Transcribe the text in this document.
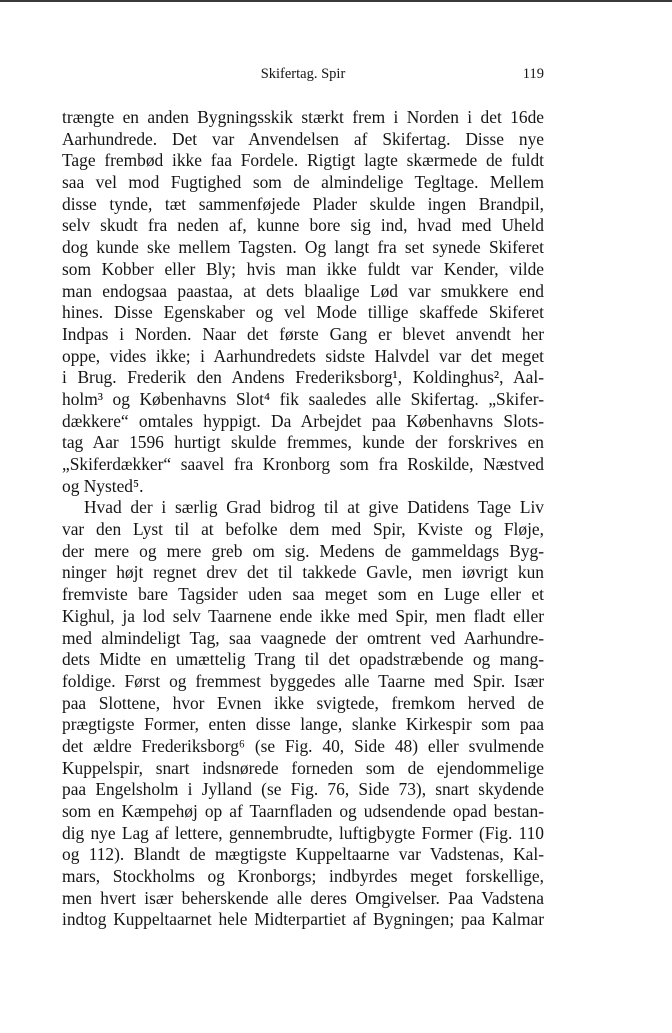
Skifertag. Spir	119
trængte en anden Bygningsskik stærkt frem i Norden i det 16de
Aarhundrede. Det var Anvendelsen af Skifertag. Disse nye
Tage frembød ikke faa Fordele. Rigtigt lagte skærmede de fuldt
saa vel mod Fugtighed som de almindelige Tegltage. Mellem
disse tynde, tæt sammenføjede Plader skulde ingen Brandpil,
selv skudt fra neden af, kunne bore sig ind, hvad med Uheld
dog kunde ske mellem Tagsten. Og langt fra set synede Skiferet
som Kobber eller Bly; hvis man ikke fuldt var Kender, vilde
man endogsaa paastaa, at dets blaalige Lød var smukkere end
hines. Disse Egenskaber og vel Mode tillige skaffede Skiferet
Indpas i Norden. Naar det første Gang er blevet anvendt her
oppe, vides ikke; i Aarhundredets sidste Halvdel var det meget
i Brug. Frederik den Andens Frederiksborg¹, Koldinghus², Aal-
holm³ og Københavns Slot⁴ fik saaledes alle Skifertag. „Skifer-
dækkere“ omtales hyppigt. Da Arbejdet paa Københavns Slots-
tag Aar 1596 hurtigt skulde fremmes, kunde der forskrives en
„Skiferdækker“ saavel fra Kronborg som fra Roskilde, Næstved
og Nysted⁵.
Hvad der i særlig Grad bidrog til at give Datidens Tage Liv
var den Lyst til at befolke dem med Spir, Kviste og Fløje,
der mere og mere greb om sig. Medens de gammeldags Byg-
ninger højt regnet drev det til takkede Gavle, men iøvrigt kun
fremviste bare Tagsider uden saa meget som en Luge eller et
Kighul, ja lod selv Taarnene ende ikke med Spir, men fladt eller
med almindeligt Tag, saa vaagnede der omtrent ved Aarhundre-
dets Midte en umættelig Trang til det opadstræbende og mang-
foldige. Først og fremmest byggedes alle Taarne med Spir. Især
paa Slottene, hvor Evnen ikke svigtede, fremkom herved de
prægtigste Former, enten disse lange, slanke Kirkespir som paa
det ældre Frederiksborg⁶ (se Fig. 40, Side 48) eller svulmende
Kuppelspir, snart indsnørede forneden som de ejendommelige
paa Engelsholm i Jylland (se Fig. 76, Side 73), snart skydende
som en Kæmpehøj op af Taarnfladen og udsendende opad bestan-
dig nye Lag af lettere, gennembrudte, luftigbygte Former (Fig. 110
og 112). Blandt de mægtigste Kuppeltaarne var Vadstenas, Kal-
mars, Stockholms og Kronborgs; indbyrdes meget forskellige,
men hvert især beherskende alle deres Omgivelser. Paa Vadstena
indtog Kuppeltaarnet hele Midterpartiet af Bygningen; paa Kalmar
